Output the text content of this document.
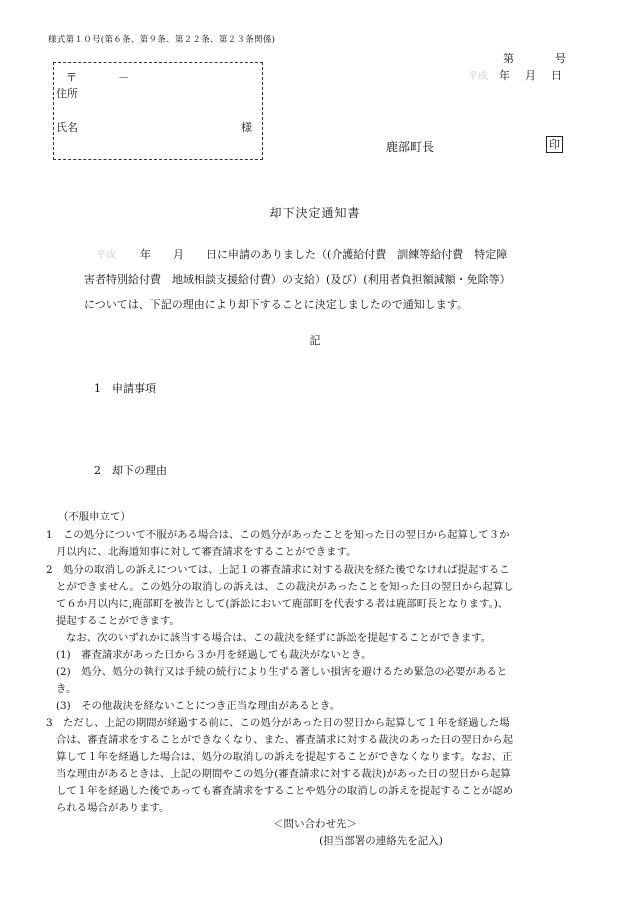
様式第１０号(第６条、第９条、第２２条、第２３条関係)
第	号
平成 年 月 日
〒	－
住所
氏名	様
鹿部町長	印
却下決定通知書
平成 年　　月　　日に申請のありました（(介護給付費　訓練等給付費　特定障
害者特別給付費　地域相談支援給付費）の支給）(及び）(利用者負担額減額・免除等）
については、下記の理由により却下することに決定しましたので通知します。
記
1　申請事項
2　却下の理由
（不服申立て）
1　この処分について不服がある場合は、この処分があったことを知った日の翌日から起算して３か
月以内に、北海道知事に対して審査請求をすることができます。
2　処分の取消しの訴えについては、上記１の審査請求に対する裁決を経た後でなければ提起するこ
とができません。この処分の取消しの訴えは、この裁決があったことを知った日の翌日から起算し
て６か月以内に,鹿部町を被告として(訴訟において鹿部町を代表する者は鹿部町長となります。)、
提起することができます。
なお、次のいずれかに該当する場合は、この裁決を経ずに訴訟を提起することができます。
(1)　審査請求があった日から３か月を経過しても裁決がないとき。
(2)　処分、処分の執行又は手続の続行により生ずる著しい損害を避けるため緊急の必要があると
き。
(3)　その他裁決を経ないことにつき正当な理由があるとき。
3　ただし、上記の期間が経過する前に、この処分があった日の翌日から起算して１年を経過した場
合は、審査請求をすることができなくなり、また、審査請求に対する裁決のあった日の翌日から起
算して１年を経過した場合は、処分の取消しの訴えを提起することができなくなります。なお、正
当な理由があるときは、上記の期間やこの処分(審査請求に対する裁決)があった日の翌日から起算
して１年を経過した後であっても審査請求をすることや処分の取消しの訴えを提起することが認め
られる場合があります。
＜問い合わせ先＞
(担当部署の連絡先を記入)
